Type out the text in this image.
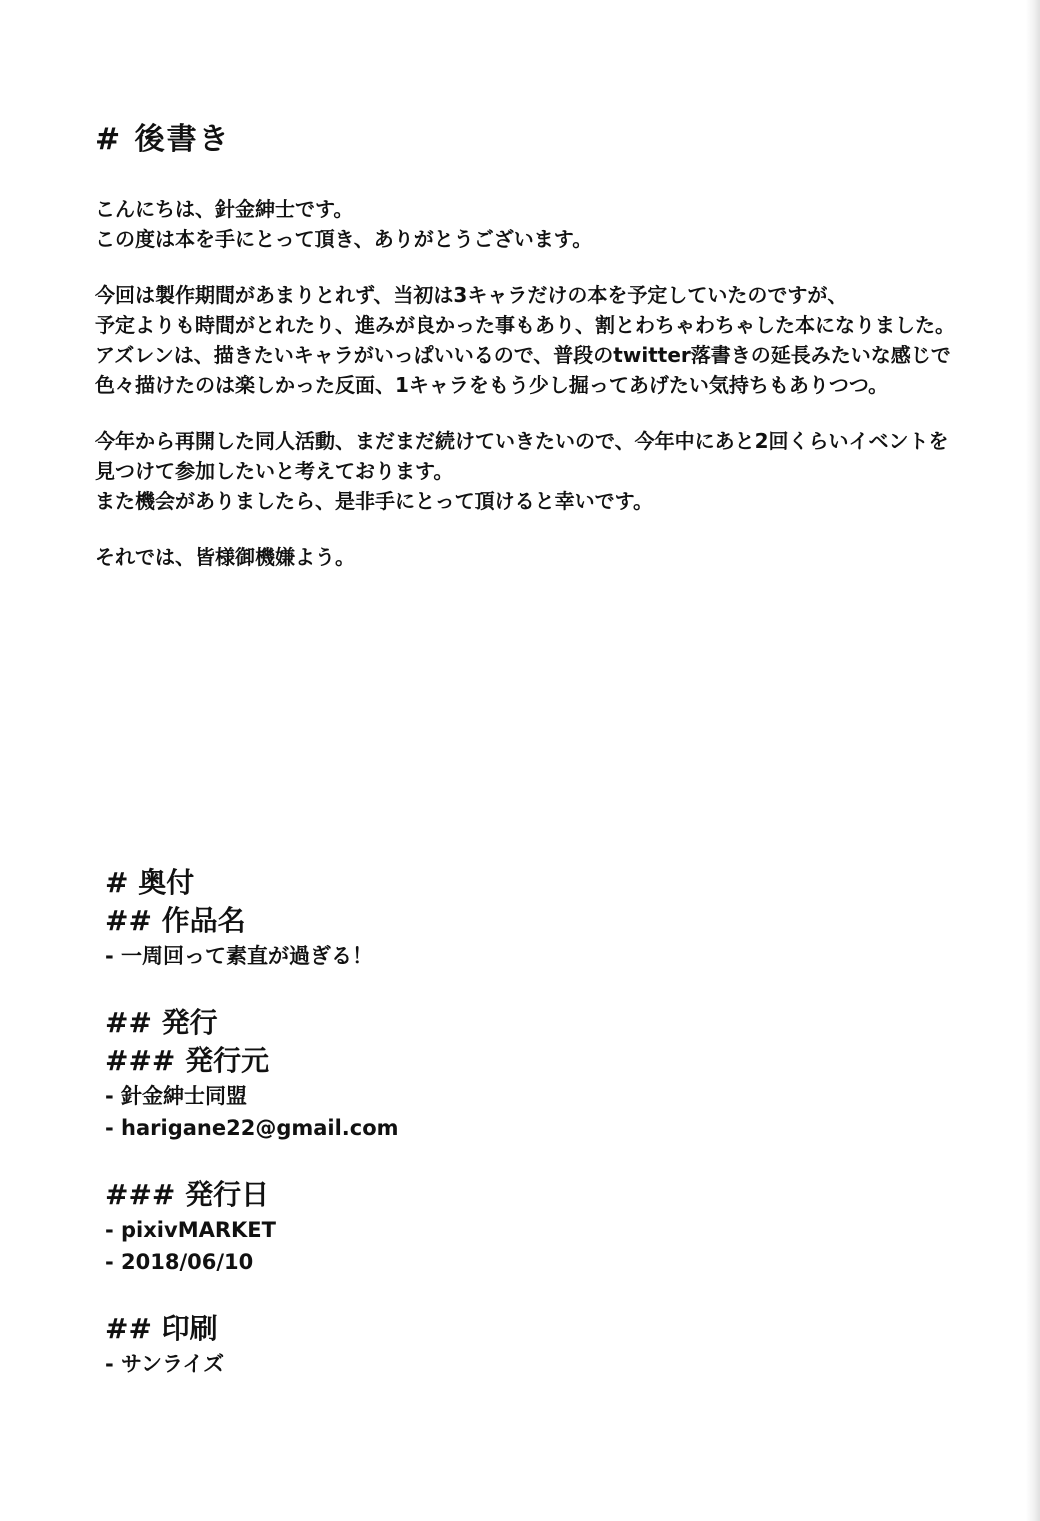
# 後書き
こんにちは、針金紳士です。
この度は本を手にとって頂き、ありがとうございます。
今回は製作期間があまりとれず、当初は3キャラだけの本を予定していたのですが、
予定よりも時間がとれたり、進みが良かった事もあり、割とわちゃわちゃした本になりました。
アズレンは、描きたいキャラがいっぱいいるので、普段のtwitter落書きの延長みたいな感じで
色々描けたのは楽しかった反面、1キャラをもう少し掘ってあげたい気持ちもありつつ。
今年から再開した同人活動、まだまだ続けていきたいので、今年中にあと2回くらいイベントを
見つけて参加したいと考えております。
また機会がありましたら、是非手にとって頂けると幸いです。
それでは、皆様御機嫌よう。
# 奥付
## 作品名
- 一周回って素直が過ぎる！
## 発行
### 発行元
- 針金紳士同盟
- harigane22@gmail.com
### 発行日
- pixivMARKET
- 2018/06/10
## 印刷
- サンライズ
